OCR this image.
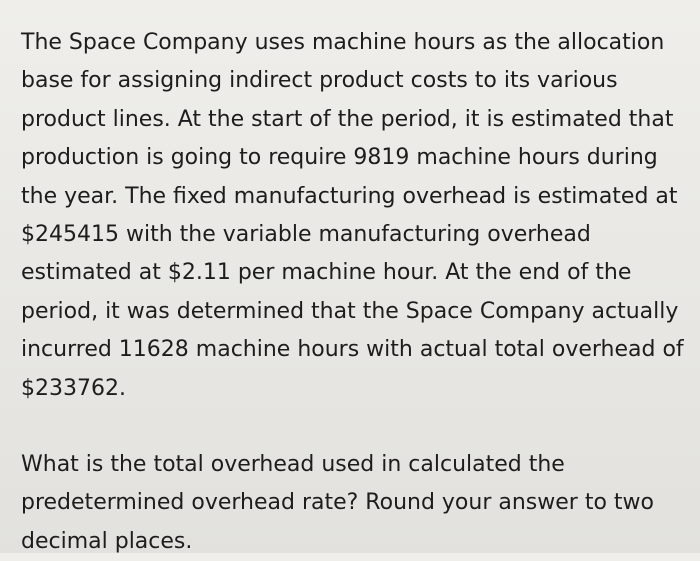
The Space Company uses machine hours as the allocation
base for assigning indirect product costs to its various
product lines. At the start of the period, it is estimated that
production is going to require 9819 machine hours during
the year. The fixed manufacturing overhead is estimated at
$245415 with the variable manufacturing overhead
estimated at $2.11 per machine hour. At the end of the
period, it was determined that the Space Company actually
incurred 11628 machine hours with actual total overhead of
$233762.

What is the total overhead used in calculated the
predetermined overhead rate? Round your answer to two
decimal places.
